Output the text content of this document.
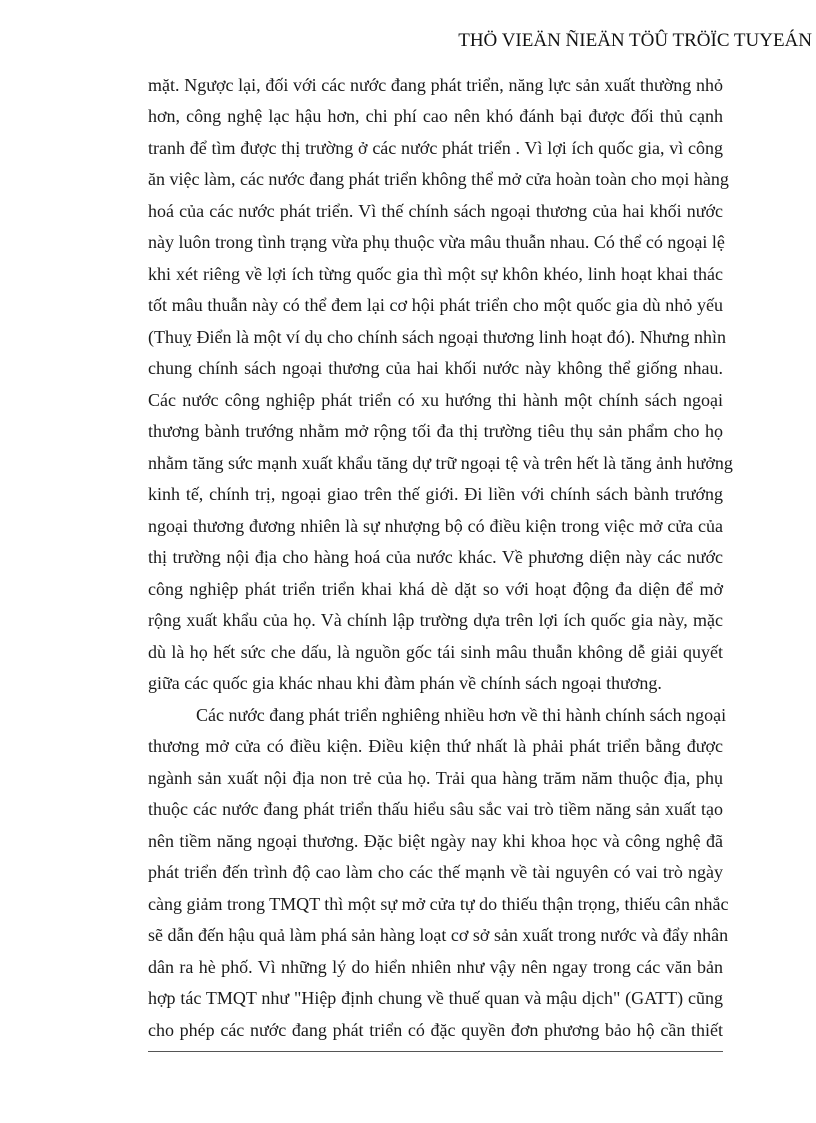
THÖ VIEÄN ÑIEÄN TÖÛ TRÖÏC TUYEÁN
mặt. Ngược lại, đối với các nước đang phát triển, năng lực sản xuất thường nhỏ
hơn, công nghệ lạc hậu hơn, chi phí cao nên khó đánh bại được đối thủ cạnh
tranh để tìm được thị trường ở các nước phát triển . Vì lợi ích quốc gia, vì công
ăn việc làm, các nước đang phát triển không thể mở cửa hoàn toàn cho mọi hàng
hoá của các nước phát triển. Vì thế chính sách ngoại thương của hai khối nước
này luôn trong tình trạng vừa phụ thuộc vừa mâu thuẫn nhau. Có thể có ngoại lệ
khi xét riêng về lợi ích từng quốc gia thì một sự khôn khéo, linh hoạt khai thác
tốt mâu thuẫn này có thể đem lại cơ hội phát triển cho một quốc gia dù nhỏ yếu
(Thuỵ Điển là một ví dụ cho chính sách ngoại thương linh hoạt đó). Nhưng nhìn
chung chính sách ngoại thương của hai khối nước này không thể giống nhau.
Các nước công nghiệp phát triển có xu hướng thi hành một chính sách ngoại
thương bành trướng nhằm mở rộng tối đa thị trường tiêu thụ sản phẩm cho họ
nhằm tăng sức mạnh xuất khẩu tăng dự trữ ngoại tệ và trên hết là tăng ảnh hưởng
kinh tế, chính trị, ngoại giao trên thế giới. Đi liền với chính sách bành trướng
ngoại thương đương nhiên là sự nhượng bộ có điều kiện trong việc mở cửa của
thị trường nội địa cho hàng hoá của nước khác. Về phương diện này các nước
công nghiệp phát triển triển khai khá dè dặt so với hoạt động đa diện để mở
rộng xuất khẩu của họ. Và chính lập trường dựa trên lợi ích quốc gia này, mặc
dù là họ hết sức che dấu, là nguồn gốc tái sinh mâu thuẫn không dễ giải quyết
giữa các quốc gia khác nhau khi đàm phán về chính sách ngoại thương.
Các nước đang phát triển nghiêng nhiều hơn về thi hành chính sách ngoại
thương mở cửa có điều kiện. Điều kiện thứ nhất là phải phát triển bằng được
ngành sản xuất nội địa non trẻ của họ. Trải qua hàng trăm năm thuộc địa, phụ
thuộc các nước đang phát triển thấu hiểu sâu sắc vai trò tiềm năng sản xuất tạo
nên tiềm năng ngoại thương. Đặc biệt ngày nay khi khoa học và công nghệ đã
phát triển đến trình độ cao làm cho các thế mạnh về tài nguyên có vai trò ngày
càng giảm trong TMQT thì một sự mở cửa tự do thiếu thận trọng, thiếu cân nhắc
sẽ dẫn đến hậu quả làm phá sản hàng loạt cơ sở sản xuất trong nước và đẩy nhân
dân ra hè phố. Vì những lý do hiển nhiên như vậy nên ngay trong các văn bản
hợp tác TMQT như "Hiệp định chung về thuế quan và mậu dịch" (GATT) cũng
cho phép các nước đang phát triển có đặc quyền đơn phương bảo hộ cần thiết
